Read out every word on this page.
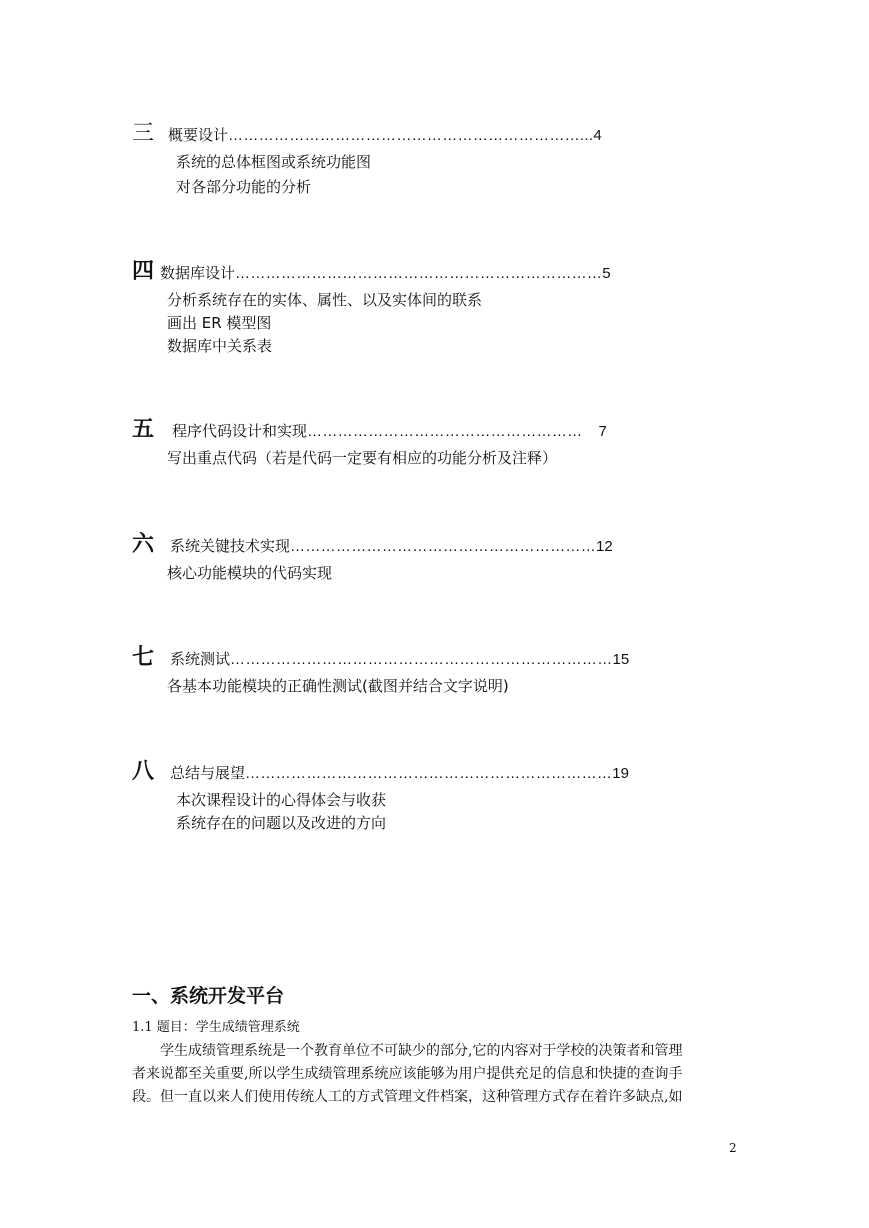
三 概要设计 ……………………………………………………………... 4
系统的总体框图或系统功能图
对各部分功能的分析
四 数据库设计 ……………………………………………………………… 5
分析系统存在的实体、属性、以及实体间的联系
画出 ER 模型图
数据库中关系表
五 程序代码设计和实现 ……………………………………………… 7
写出重点代码（若是代码一定要有相应的功能分析及注释）
六 系统关键技术实现 …………………………………………………… 12
核心功能模块的代码实现
七 系统测试 ………………………………………………………………… 15
各基本功能模块的正确性测试(截图并结合文字说明)
八 总结与展望 ……………………………………………………………… 19
本次课程设计的心得体会与收获
系统存在的问题以及改进的方向
一、系统开发平台
1.1 题目：学生成绩管理系统
学生成绩管理系统是一个教育单位不可缺少的部分,它的内容对于学校的决策者和管理
者来说都至关重要,所以学生成绩管理系统应该能够为用户提供充足的信息和快捷的查询手
段。但一直以来人们使用传统人工的方式管理文件档案，这种管理方式存在着许多缺点,如
2
